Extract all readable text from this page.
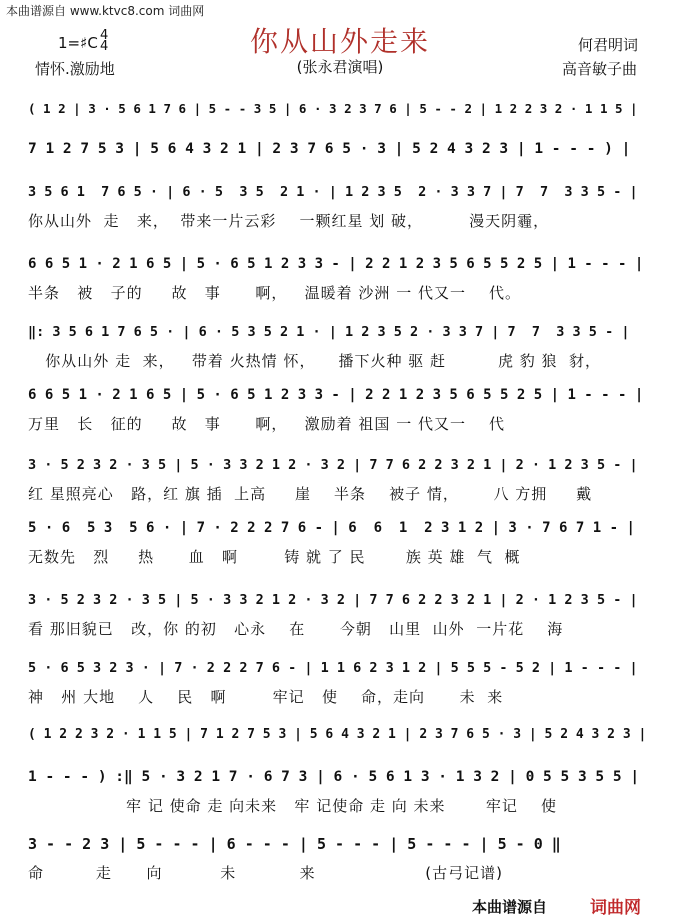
本曲谱源自 www.ktvc8.com 词曲网
你从山外走来
1=♯C 4
4
情怀.激励地	(张永君演唱)
何君明词
高音敏子曲
( 1 2 | 3 · 5 6 1 7 6 | 5 - - 3 5 | 6 · 3 2 3 7 6 | 5 - - 2 | 1 2 2 3 2 · 1 1 5 |
7 1 2 7 5 3 | 5 6 4 3 2 1 | 2 3 7 6 5 · 3 | 5 2 4 3 2 3 | 1 - - - ) |
3 5 6 1  7 6 5 · | 6 · 5  3 5  2 1 · | 1 2 3 5  2 · 3 3 7 | 7  7  3 3 5 - |
你从山外  走   来，  带来一片云彩    一颗红星 划 破，        漫天阴霾，
6 6 5 1 · 2 1 6 5 | 5 · 6 5 1 2 3 3 - | 2 2 1 2 3 5 6 5 5 2 5 | 1 - - - |
半条   被   子的     故   事      啊，   温暖着 沙洲 一 代又一    代。
‖: 3 5 6 1 7 6 5 · | 6 · 5 3 5 2 1 · | 1 2 3 5 2 · 3 3 7 | 7  7  3 3 5 - |
你从山外 走  来，   带着 火热情 怀，    播下火种 驱 赶         虎 豹 狼  豺，
6 6 5 1 · 2 1 6 5 | 5 · 6 5 1 2 3 3 - | 2 2 1 2 3 5 6 5 5 2 5 | 1 - - - |
万里   长   征的     故   事      啊，   激励着 祖国 一 代又一    代
3 · 5 2 3 2 · 3 5 | 5 · 3 3 2 1 2 · 3 2 | 7 7 6 2 2 3 2 1 | 2 · 1 2 3 5 - |
红 星照亮心   路，红 旗 插  上高     崖    半条    被子 情，      八 方拥     戴
5 · 6  5 3  5 6 · | 7 · 2 2 2 7 6 - | 6  6  1  2 3 1 2 | 3 · 7 6 7 1 - |
无数先   烈     热      血   啊        铸 就 了 民       族 英 雄  气  概
3 · 5 2 3 2 · 3 5 | 5 · 3 3 2 1 2 · 3 2 | 7 7 6 2 2 3 2 1 | 2 · 1 2 3 5 - |
看 那旧貌已   改，你 的初   心永    在      今朝   山里  山外  一片花    海
5 · 6 5 3 2 3 · | 7 · 2 2 2 7 6 - | 1 1 6 2 3 1 2 | 5 5 5 - 5 2 | 1 - - - |
神   州 大地    人    民   啊        牢记   使    命，走向      未  来
( 1 2 2 3 2 · 1 1 5 | 7 1 2 7 5 3 | 5 6 4 3 2 1 | 2 3 7 6 5 · 3 | 5 2 4 3 2 3 |
1 - - - ) :‖ 5 · 3 2 1 7 · 6 7 3 | 6 · 5 6 1 3 · 1 3 2 | 0 5 5 3 5 5 |
牢 记 使命 走 向未来   牢 记使命 走 向 未来       牢记    使
3 - - 2 3 | 5 - - - | 6 - - - | 5 - - - | 5 - - - | 5 - 0 ‖
命         走      向          未           来                   (古弓记谱)
本曲谱源自	词曲网
